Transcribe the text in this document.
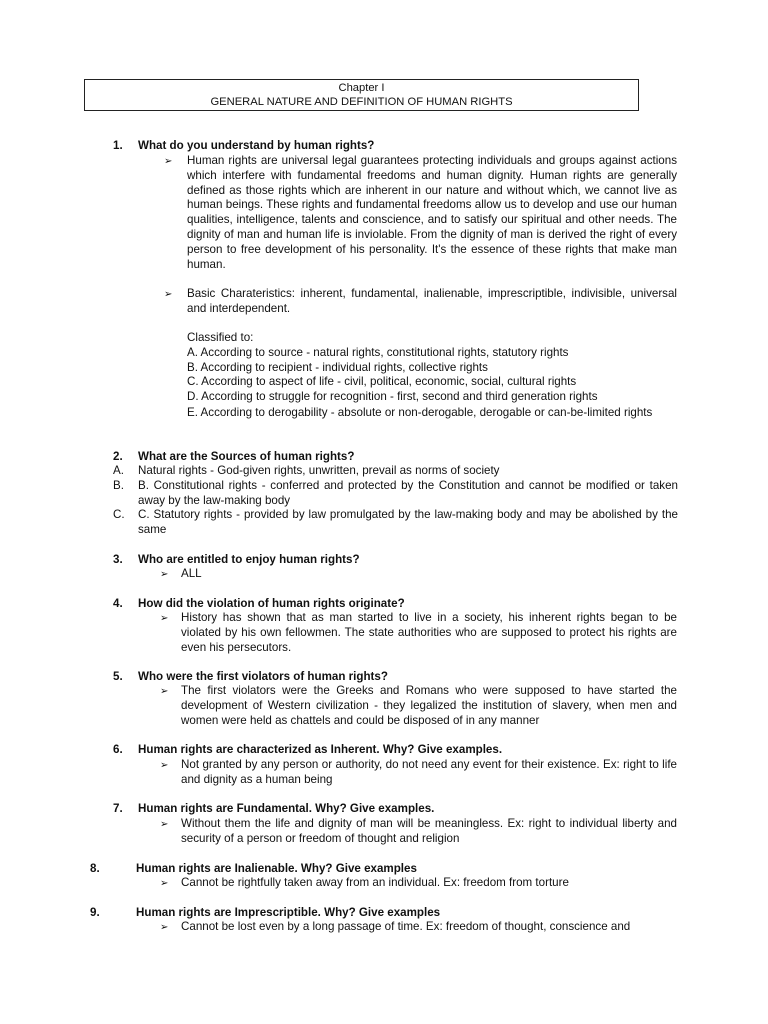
Chapter I
GENERAL NATURE AND DEFINITION OF HUMAN RIGHTS
1. What do you understand by human rights?
➢ Human rights are universal legal guarantees protecting individuals and groups against actions which interfere with fundamental freedoms and human dignity. Human rights are generally defined as those rights which are inherent in our nature and without which, we cannot live as human beings. These rights and fundamental freedoms allow us to develop and use our human qualities, intelligence, talents and conscience, and to satisfy our spiritual and other needs. The dignity of man and human life is inviolable. From the dignity of man is derived the right of every person to free development of his personality. It's the essence of these rights that make man human.
➢ Basic Charateristics: inherent, fundamental, inalienable, imprescriptible, indivisible, universal and interdependent.
Classified to:
A. According to source - natural rights, constitutional rights, statutory rights
B. According to recipient - individual rights, collective rights
C. According to aspect of life - civil, political, economic, social, cultural rights
D. According to struggle for recognition - first, second and third generation rights
E. According to derogability - absolute or non-derogable, derogable or can-be-limited rights
2. What are the Sources of human rights?
A. Natural rights - God-given rights, unwritten, prevail as norms of society
B. B. Constitutional rights - conferred and protected by the Constitution and cannot be modified or taken away by the law-making body
C. C. Statutory rights - provided by law promulgated by the law-making body and may be abolished by the same
3. Who are entitled to enjoy human rights?
➢ ALL
4. How did the violation of human rights originate?
➢ History has shown that as man started to live in a society, his inherent rights began to be violated by his own fellowmen. The state authorities who are supposed to protect his rights are even his persecutors.
5. Who were the first violators of human rights?
➢ The first violators were the Greeks and Romans who were supposed to have started the development of Western civilization - they legalized the institution of slavery, when men and women were held as chattels and could be disposed of in any manner
6. Human rights are characterized as Inherent. Why? Give examples.
➢ Not granted by any person or authority, do not need any event for their existence. Ex: right to life and dignity as a human being
7. Human rights are Fundamental. Why? Give examples.
➢ Without them the life and dignity of man will be meaningless. Ex: right to individual liberty and security of a person or freedom of thought and religion
8.	Human rights are Inalienable. Why? Give examples
➢ Cannot be rightfully taken away from an individual. Ex: freedom from torture
9.	Human rights are Imprescriptible. Why? Give examples
➢ Cannot be lost even by a long passage of time. Ex: freedom of thought, conscience and
